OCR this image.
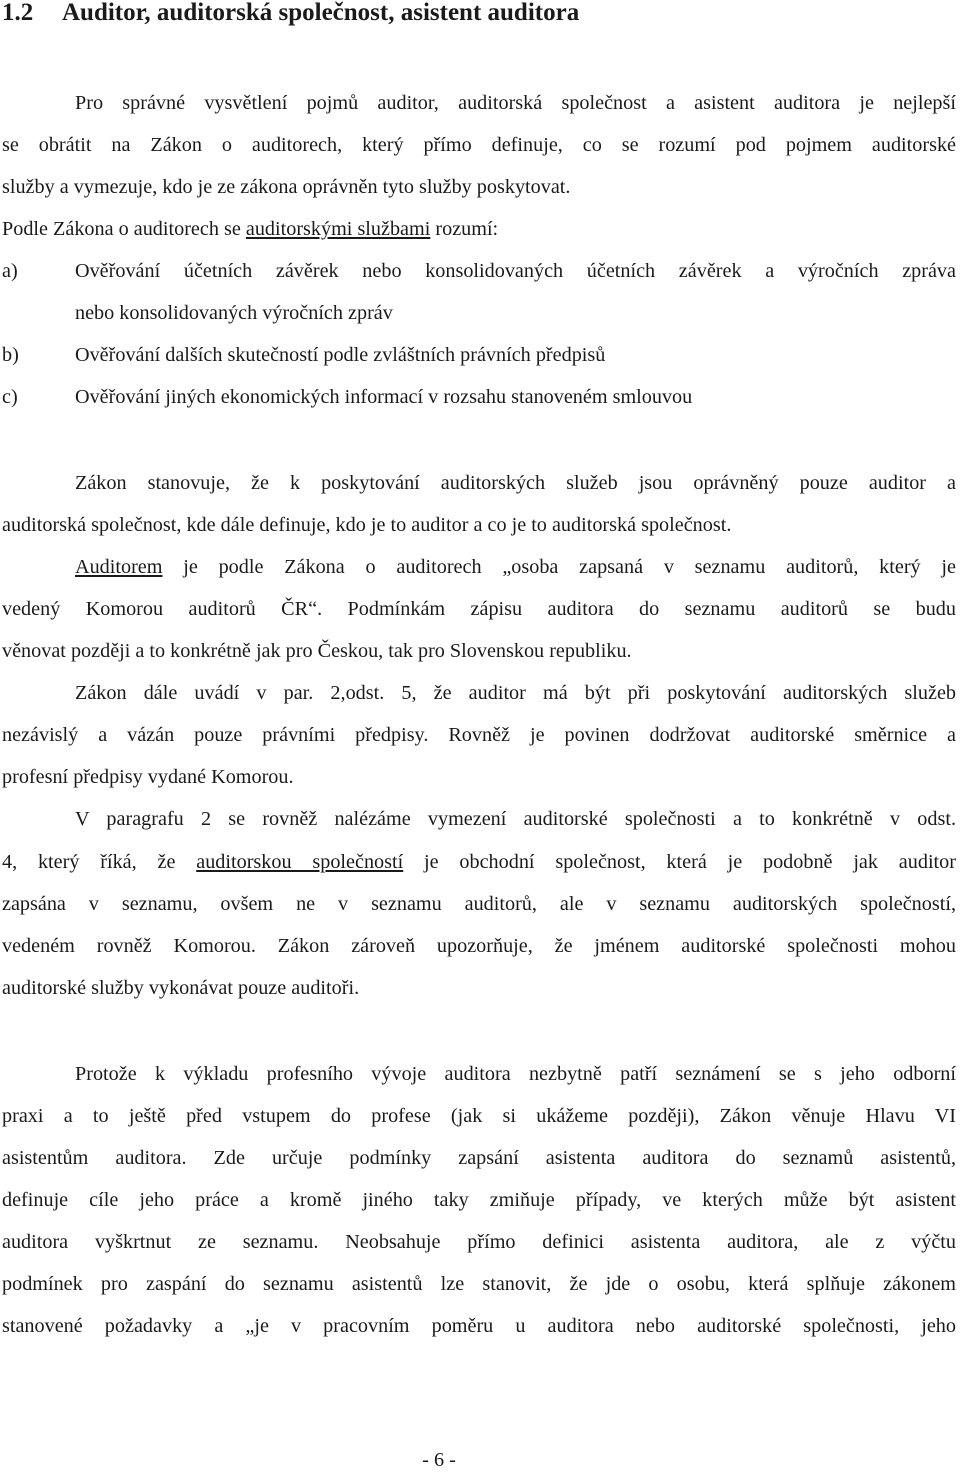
1.2 Auditor, auditorská společnost, asistent auditora
Pro správné vysvětlení pojmů auditor, auditorská společnost a asistent auditora je nejlepší
se obrátit na Zákon o auditorech, který přímo definuje, co se rozumí pod pojmem auditorské
služby a vymezuje, kdo je ze zákona oprávněn tyto služby poskytovat.
Podle Zákona o auditorech se auditorskými službami rozumí:
a)	Ověřování účetních závěrek nebo konsolidovaných účetních závěrek a výročních zpráva
nebo konsolidovaných výročních zpráv
b)	Ověřování dalších skutečností podle zvláštních právních předpisů
c)	Ověřování jiných ekonomických informací v rozsahu stanoveném smlouvou
Zákon stanovuje, že k poskytování auditorských služeb jsou oprávněný pouze auditor a
auditorská společnost, kde dále definuje, kdo je to auditor a co je to auditorská společnost.
Auditorem je podle Zákona o auditorech „osoba zapsaná v seznamu auditorů, který je
vedený Komorou auditorů ČR“. Podmínkám zápisu auditora do seznamu auditorů se budu
věnovat později a to konkrétně jak pro Českou, tak pro Slovenskou republiku.
Zákon dále uvádí v par. 2,odst. 5, že auditor má být při poskytování auditorských služeb
nezávislý a vázán pouze právními předpisy. Rovněž je povinen dodržovat auditorské směrnice a
profesní předpisy vydané Komorou.
V paragrafu 2 se rovněž nalézáme vymezení auditorské společnosti a to konkrétně v odst.
4, který říká, že auditorskou společností je obchodní společnost, která je podobně jak auditor
zapsána v seznamu, ovšem ne v seznamu auditorů, ale v seznamu auditorských společností,
vedeném rovněž Komorou. Zákon zároveň upozorňuje, že jménem auditorské společnosti mohou
auditorské služby vykonávat pouze auditoři.
Protože k výkladu profesního vývoje auditora nezbytně patří seznámení se s jeho odborní
praxi a to ještě před vstupem do profese (jak si ukážeme později), Zákon věnuje Hlavu VI
asistentům auditora. Zde určuje podmínky zapsání asistenta auditora do seznamů asistentů,
definuje cíle jeho práce a kromě jiného taky zmiňuje případy, ve kterých může být asistent
auditora vyškrtnut ze seznamu. Neobsahuje přímo definici asistenta auditora, ale z výčtu
podmínek pro zaspání do seznamu asistentů lze stanovit, že jde o osobu, která splňuje zákonem
stanovené požadavky a „je v pracovním poměru u auditora nebo auditorské společnosti, jeho
- 6 -
